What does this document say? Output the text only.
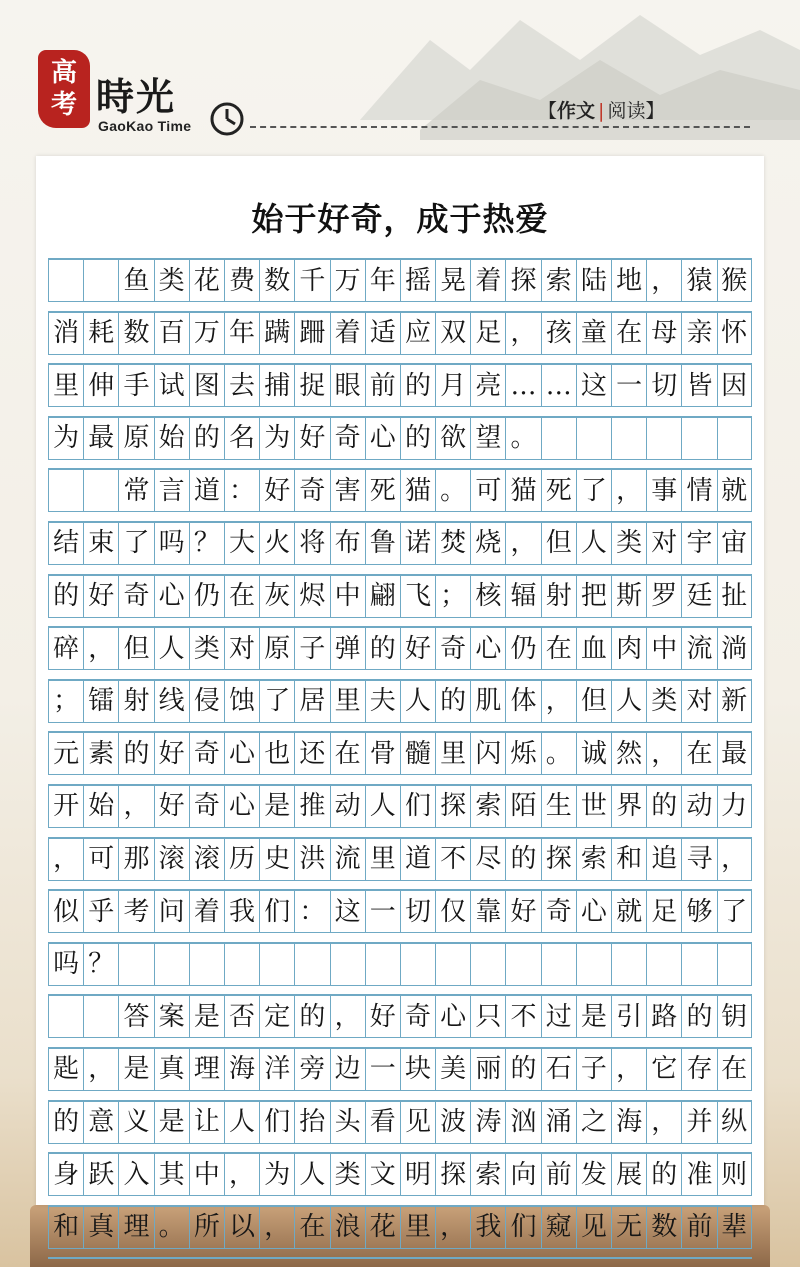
高
考 時光
GaoKao Time
【作文 | 阅读】
始于好奇，成于热爱
鱼 类 花 费 数 千 万 年 摇 晃 着 探 索 陆 地 ， 猿 猴
消 耗 数 百 万 年 蹒 跚 着 适 应 双 足 ， 孩 童 在 母 亲 怀
里 伸 手 试 图 去 捕 捉 眼 前 的 月 亮 … … 这 一 切 皆 因
为 最 原 始 的 名 为 好 奇 心 的 欲 望 。
常 言 道 ： 好 奇 害 死 猫 。 可 猫 死 了 ， 事 情 就
结 束 了 吗 ？ 大 火 将 布 鲁 诺 焚 烧 ， 但 人 类 对 宇 宙
的 好 奇 心 仍 在 灰 烬 中 翩 飞 ； 核 辐 射 把 斯 罗 廷 扯
碎 ， 但 人 类 对 原 子 弹 的 好 奇 心 仍 在 血 肉 中 流 淌
； 镭 射 线 侵 蚀 了 居 里 夫 人 的 肌 体 ， 但 人 类 对 新
元 素 的 好 奇 心 也 还 在 骨 髓 里 闪 烁 。 诚 然 ， 在 最
开 始 ， 好 奇 心 是 推 动 人 们 探 索 陌 生 世 界 的 动 力
， 可 那 滚 滚 历 史 洪 流 里 道 不 尽 的 探 索 和 追 寻 ，
似 乎 考 问 着 我 们 ： 这 一 切 仅 靠 好 奇 心 就 足 够 了
吗 ？
答 案 是 否 定 的 ， 好 奇 心 只 不 过 是 引 路 的 钥
匙 ， 是 真 理 海 洋 旁 边 一 块 美 丽 的 石 子 ， 它 存 在
的 意 义 是 让 人 们 抬 头 看 见 波 涛 汹 涌 之 海 ， 并 纵
身 跃 入 其 中 ， 为 人 类 文 明 探 索 向 前 发 展 的 准 则
和 真 理 。 所 以 ， 在 浪 花 里 ， 我 们 窥 见 无 数 前 辈
